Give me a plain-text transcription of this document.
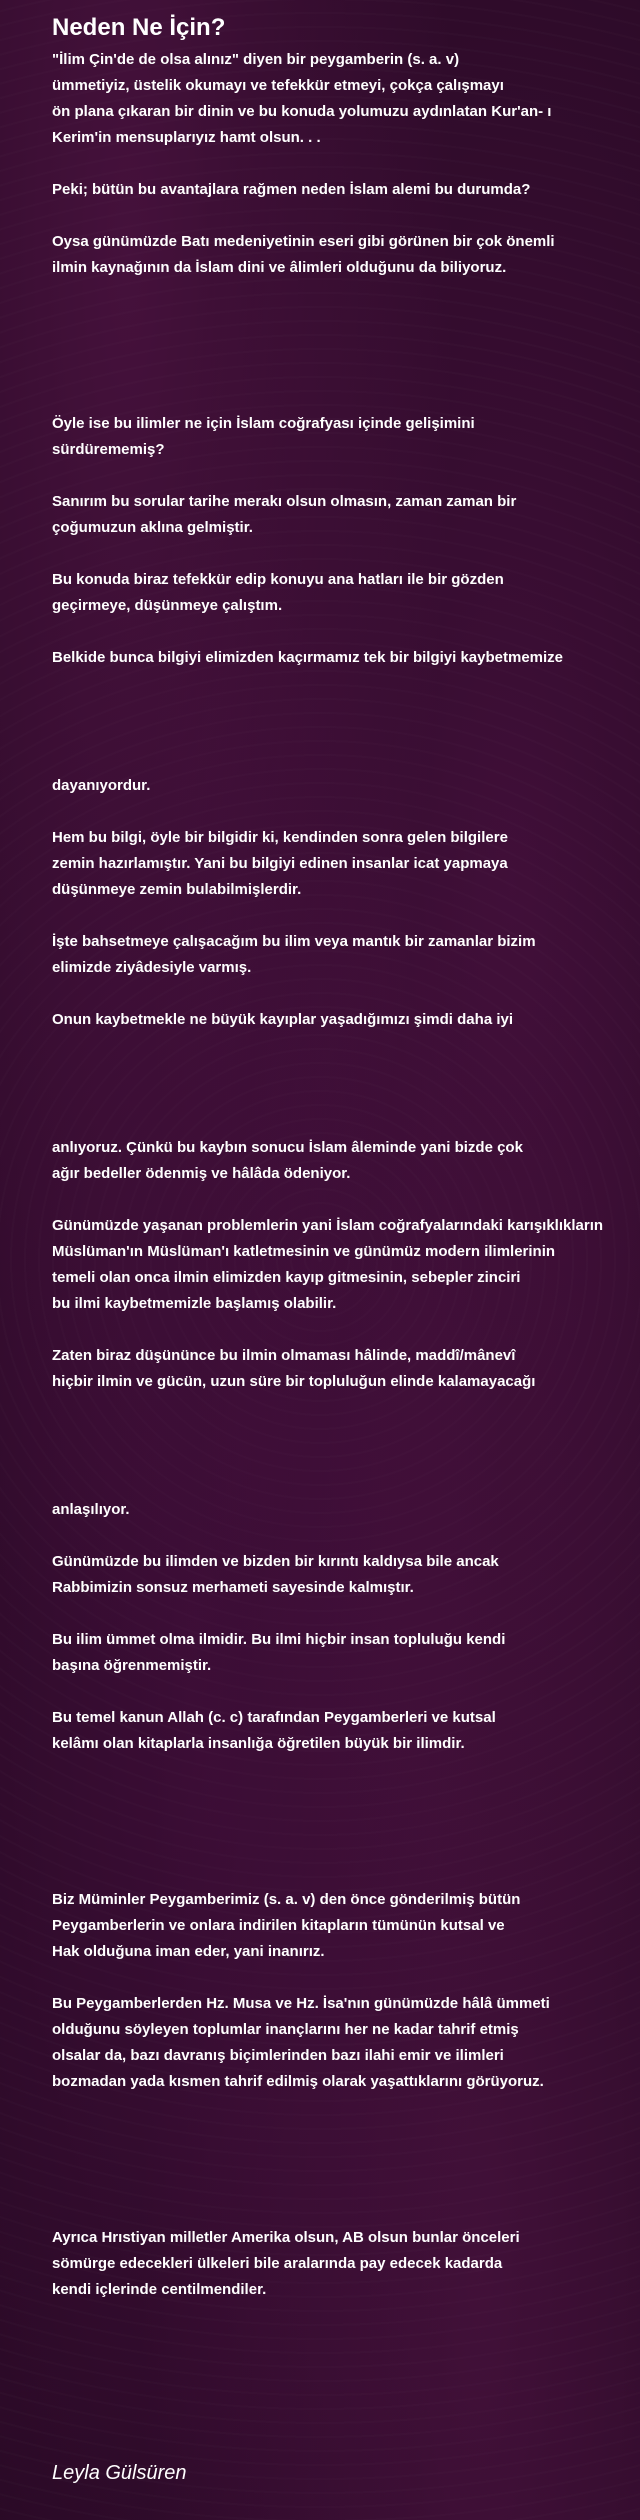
Neden Ne İçin?

"İlim Çin'de de olsa alınız" diyen bir peygamberin (s. a. v)

ümmetiyiz, üstelik okumayı ve tefekkür etmeyi, çokça çalışmayı

ön plana çıkaran bir dinin ve bu konuda yolumuzu aydınlatan Kur'an- ı

Kerim'in mensuplarıyız hamt olsun. . .

Peki; bütün bu avantajlara rağmen neden İslam alemi bu durumda?

Oysa günümüzde Batı medeniyetinin eseri gibi görünen bir çok önemli

ilmin kaynağının da İslam dini ve âlimleri olduğunu da biliyoruz.

Öyle ise bu ilimler ne için İslam coğrafyası içinde gelişimini

sürdürememiş?

Sanırım bu sorular tarihe merakı olsun olmasın, zaman zaman bir

çoğumuzun aklına gelmiştir.

Bu konuda biraz tefekkür edip konuyu ana hatları ile bir gözden

geçirmeye, düşünmeye çalıştım.

Belkide bunca bilgiyi elimizden kaçırmamız tek bir bilgiyi kaybetmemize

dayanıyordur.

Hem bu bilgi, öyle bir bilgidir ki, kendinden sonra gelen bilgilere

zemin hazırlamıştır. Yani bu bilgiyi edinen insanlar icat yapmaya

düşünmeye zemin bulabilmişlerdir.

İşte bahsetmeye çalışacağım bu ilim veya mantık bir zamanlar bizim

elimizde ziyâdesiyle varmış.

Onun kaybetmekle ne büyük kayıplar yaşadığımızı şimdi daha iyi

anlıyoruz. Çünkü bu kaybın sonucu İslam âleminde yani bizde çok

ağır bedeller ödenmiş ve hâlâda ödeniyor.

Günümüzde yaşanan problemlerin yani İslam coğrafyalarındaki karışıklıkların

Müslüman'ın Müslüman'ı katletmesinin ve günümüz modern ilimlerinin

temeli olan onca ilmin elimizden kayıp gitmesinin, sebepler zinciri

bu ilmi kaybetmemizle başlamış olabilir.

Zaten biraz düşününce bu ilmin olmaması hâlinde, maddî/mânevî

hiçbir ilmin ve gücün, uzun süre bir topluluğun elinde kalamayacağı

anlaşılıyor.

Günümüzde bu ilimden ve bizden bir kırıntı kaldıysa bile ancak

Rabbimizin sonsuz merhameti sayesinde kalmıştır.

Bu ilim ümmet olma ilmidir. Bu ilmi hiçbir insan topluluğu kendi

başına öğrenmemiştir.

Bu temel kanun Allah (c. c) tarafından Peygamberleri ve kutsal

kelâmı olan kitaplarla insanlığa öğretilen büyük bir ilimdir.

Biz Müminler Peygamberimiz (s. a. v) den önce gönderilmiş bütün

Peygamberlerin ve onlara indirilen kitapların tümünün kutsal ve

Hak olduğuna iman eder, yani inanırız.

Bu Peygamberlerden Hz. Musa ve Hz. İsa'nın günümüzde hâlâ ümmeti

olduğunu söyleyen toplumlar inançlarını her ne kadar tahrif etmiş

olsalar da, bazı davranış biçimlerinden bazı ilahi emir ve ilimleri

bozmadan yada kısmen tahrif edilmiş olarak yaşattıklarını görüyoruz.

Ayrıca Hrıstiyan milletler Amerika olsun, AB olsun bunlar önceleri

sömürge edecekleri ülkeleri bile aralarında pay edecek kadarda

kendi içlerinde centilmendiler.

Leyla Gülsüren
